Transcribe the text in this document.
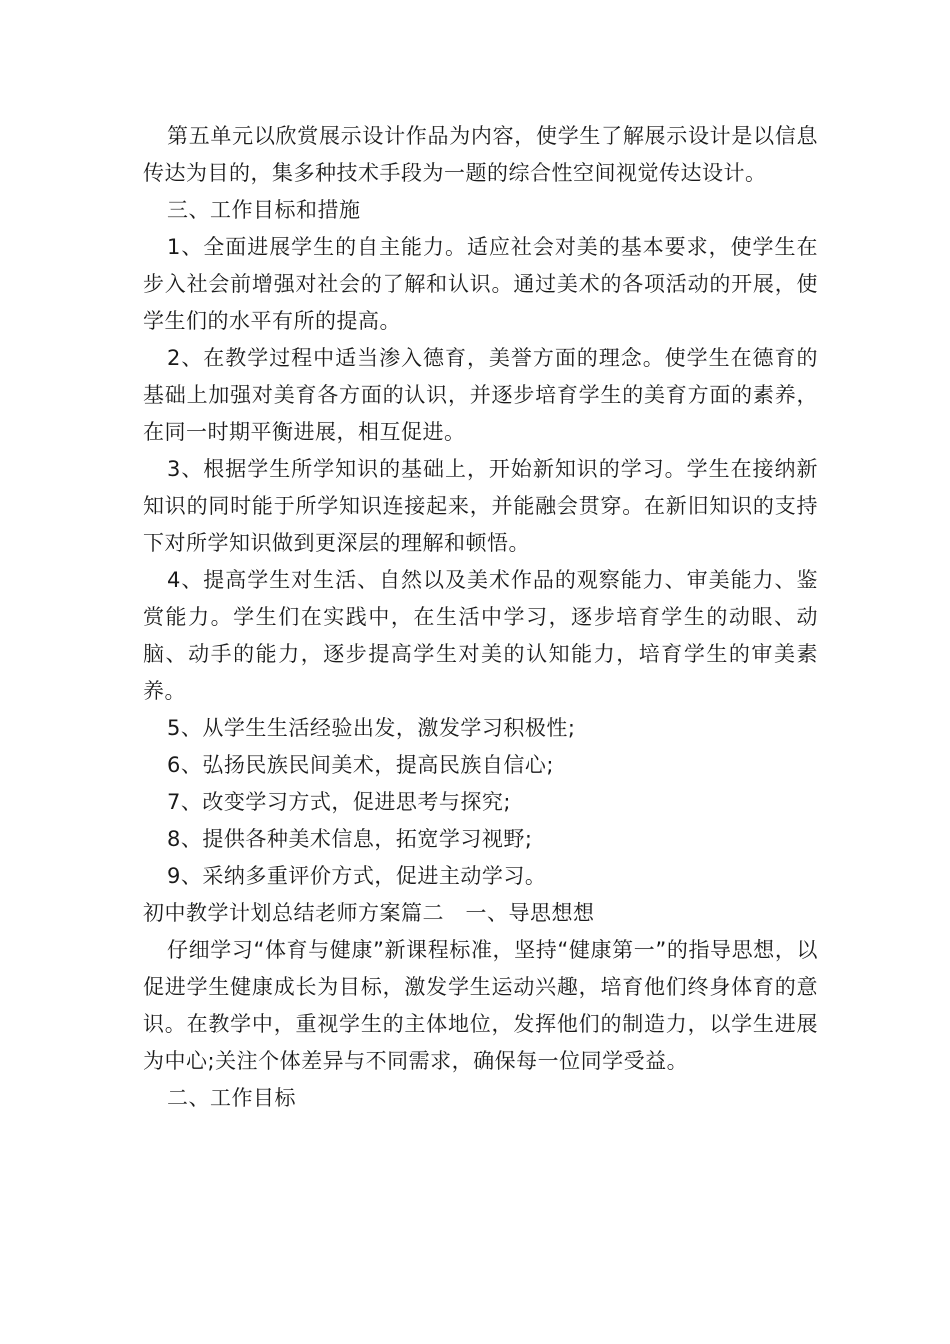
第五单元以欣赏展示设计作品为内容，使学生了解展示设计是以信息传达为目的，集多种技术手段为一题的综合性空间视觉传达设计。

三、工作目标和措施

1、全面进展学生的自主能力。适应社会对美的基本要求，使学生在步入社会前增强对社会的了解和认识。通过美术的各项活动的开展，使学生们的水平有所的提高。

2、在教学过程中适当渗入德育，美誉方面的理念。使学生在德育的基础上加强对美育各方面的认识，并逐步培育学生的美育方面的素养，在同一时期平衡进展，相互促进。

3、根据学生所学知识的基础上，开始新知识的学习。学生在接纳新知识的同时能于所学知识连接起来，并能融会贯穿。在新旧知识的支持下对所学知识做到更深层的理解和顿悟。

4、提高学生对生活、自然以及美术作品的观察能力、审美能力、鉴赏能力。学生们在实践中，在生活中学习，逐步培育学生的动眼、动脑、动手的能力，逐步提高学生对美的认知能力，培育学生的审美素养。

5、从学生生活经验出发，激发学习积极性;

6、弘扬民族民间美术，提高民族自信心;

7、改变学习方式，促进思考与探究;

8、提供各种美术信息，拓宽学习视野;

9、采纳多重评价方式，促进主动学习。

初中教学计划总结老师方案篇二　一、导思想想

仔细学习“体育与健康”新课程标准，坚持“健康第一”的指导思想，以促进学生健康成长为目标，激发学生运动兴趣，培育他们终身体育的意识。在教学中，重视学生的主体地位，发挥他们的制造力，以学生进展为中心;关注个体差异与不同需求，确保每一位同学受益。

二、工作目标
